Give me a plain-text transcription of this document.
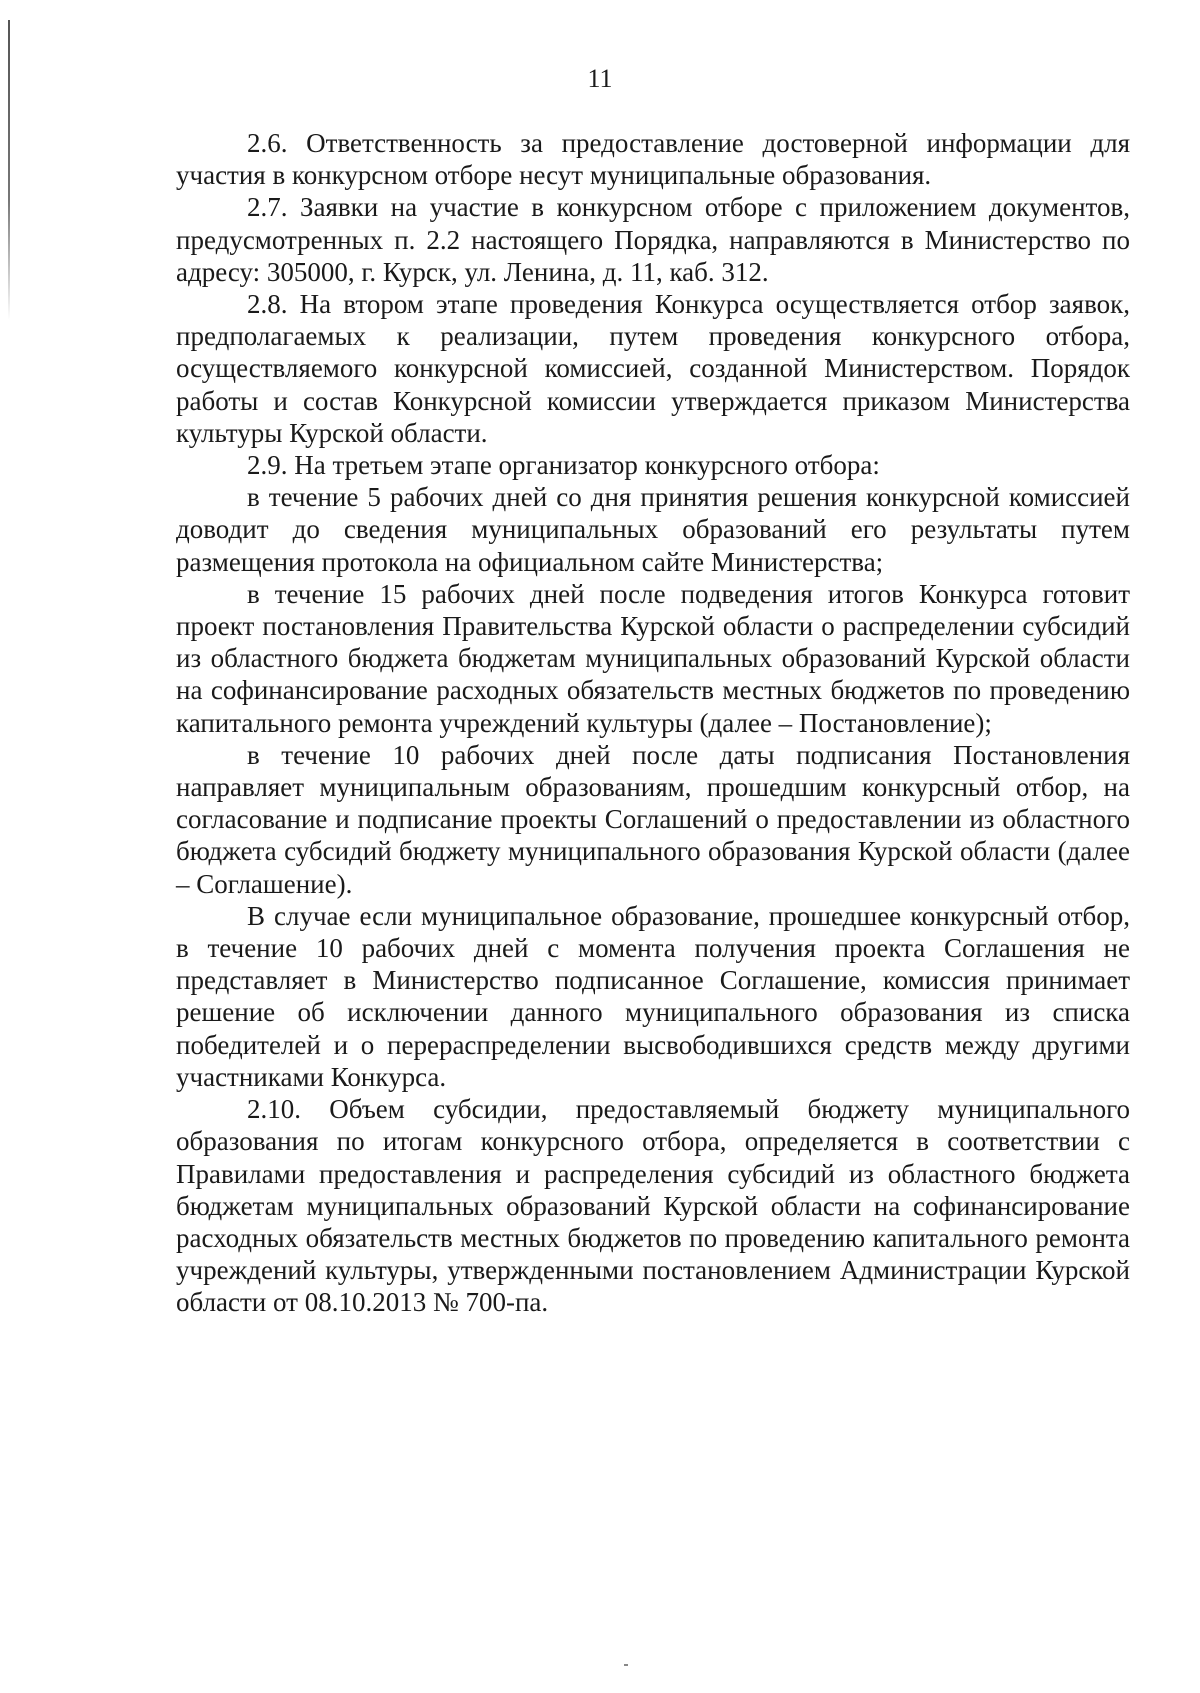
11

2.6. Ответственность за предоставление достоверной информации для участия в конкурсном отборе несут муниципальные образования.

2.7. Заявки на участие в конкурсном отборе с приложением документов, предусмотренных п. 2.2 настоящего Порядка, направляются в Министерство по адресу: 305000, г. Курск, ул. Ленина, д. 11, каб. 312.

2.8. На втором этапе проведения Конкурса осуществляется отбор заявок, предполагаемых к реализации, путем проведения конкурсного отбора, осуществляемого конкурсной комиссией, созданной Министерством. Порядок работы и состав Конкурсной комиссии утверждается приказом Министерства культуры Курской области.

2.9. На третьем этапе организатор конкурсного отбора:

в течение 5 рабочих дней со дня принятия решения конкурсной комиссией доводит до сведения муниципальных образований его результаты путем размещения протокола на официальном сайте Министерства;

в течение 15 рабочих дней после подведения итогов Конкурса готовит проект постановления Правительства Курской области о распределении субсидий из областного бюджета бюджетам муниципальных образований Курской области на софинансирование расходных обязательств местных бюджетов по проведению капитального ремонта учреждений культуры (далее – Постановление);

в течение 10 рабочих дней после даты подписания Постановления направляет муниципальным образованиям, прошедшим конкурсный отбор, на согласование и подписание проекты Соглашений о предоставлении из областного бюджета субсидий бюджету муниципального образования Курской области (далее – Соглашение).

В случае если муниципальное образование, прошедшее конкурсный отбор, в течение 10 рабочих дней с момента получения проекта Соглашения не представляет в Министерство подписанное Соглашение, комиссия принимает решение об исключении данного муниципального образования из списка победителей и о перераспределении высвободившихся средств между другими участниками Конкурса.

2.10. Объем субсидии, предоставляемый бюджету муниципального образования по итогам конкурсного отбора, определяется в соответствии с Правилами предоставления и распределения субсидий из областного бюджета бюджетам муниципальных образований Курской области на софинансирование расходных обязательств местных бюджетов по проведению капитального ремонта учреждений культуры, утвержденными постановлением Администрации Курской области от 08.10.2013 № 700-па.
